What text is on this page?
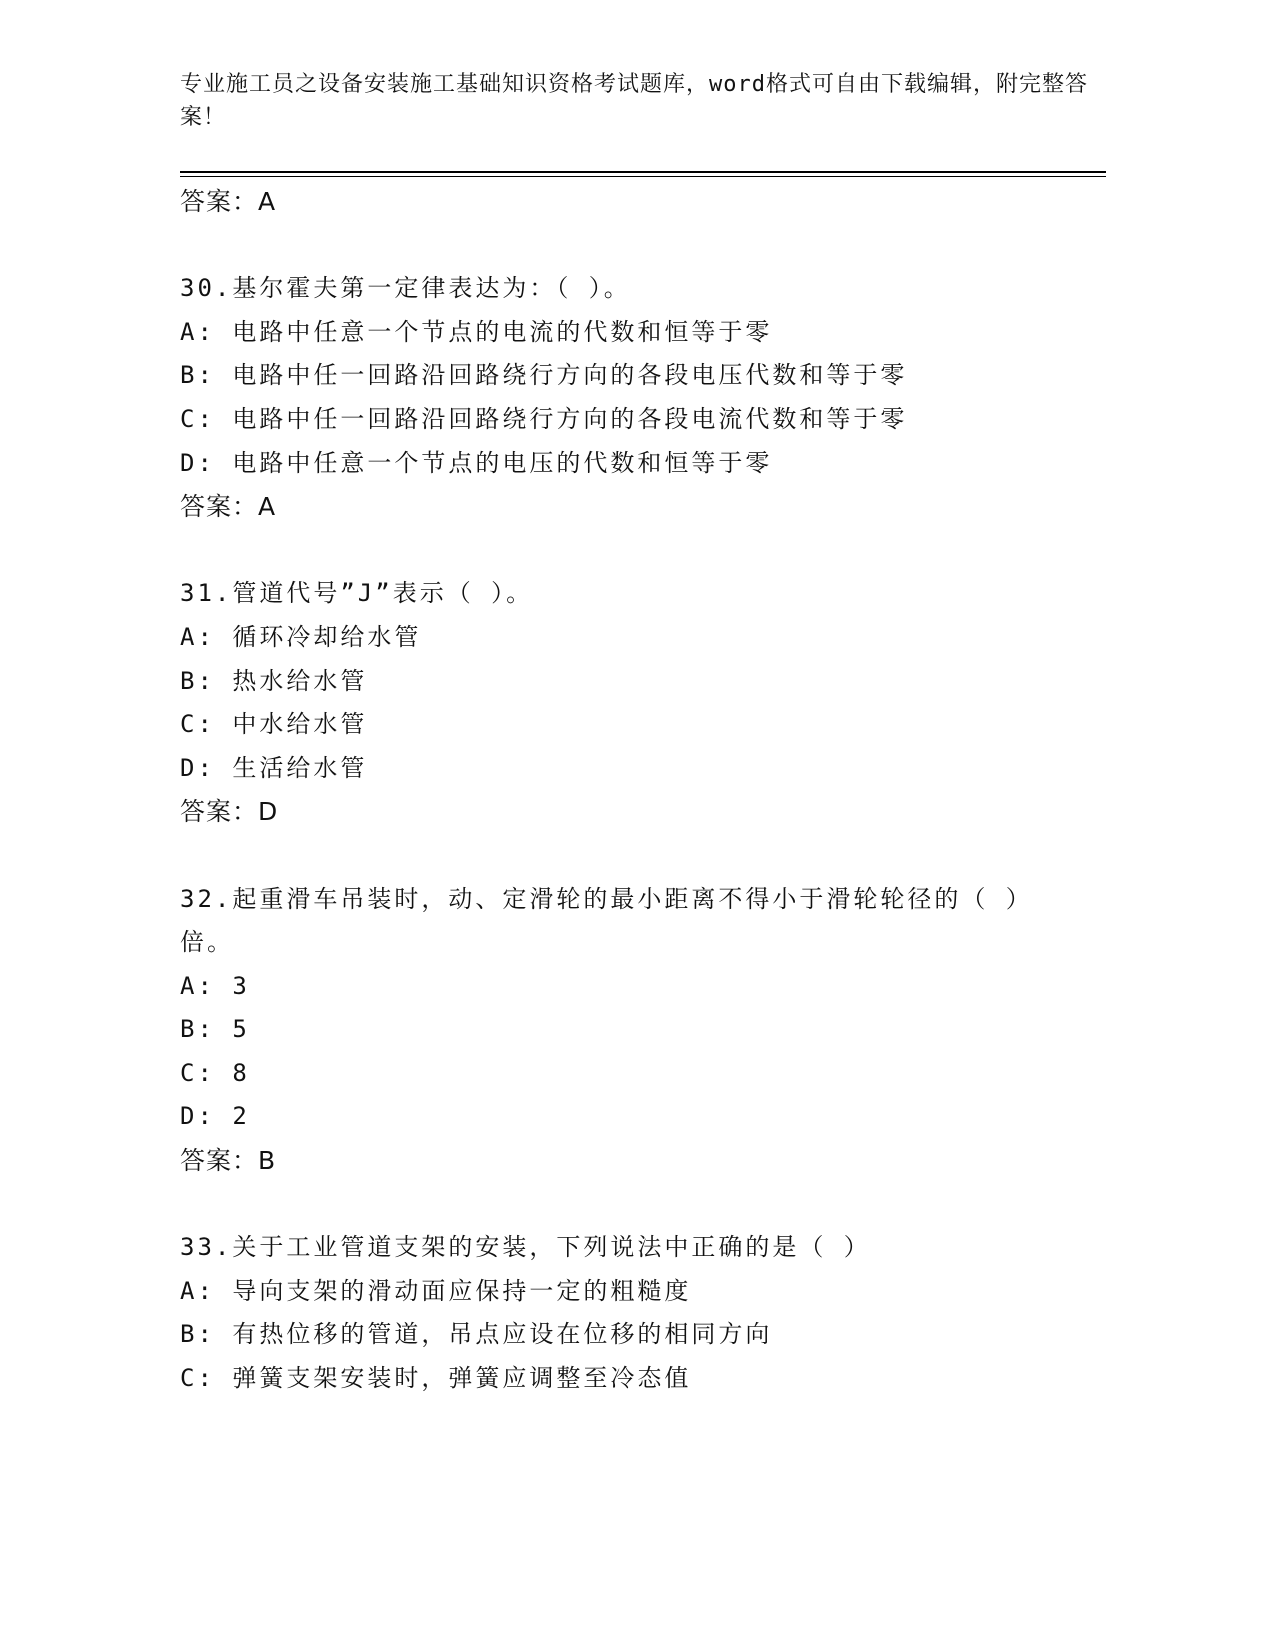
专业施工员之设备安装施工基础知识资格考试题库，word格式可自由下载编辑，附完整答案！
答案：A
30.基尔霍夫第一定律表达为：（ ）。
A: 电路中任意一个节点的电流的代数和恒等于零
B: 电路中任一回路沿回路绕行方向的各段电压代数和等于零
C: 电路中任一回路沿回路绕行方向的各段电流代数和等于零
D: 电路中任意一个节点的电压的代数和恒等于零
答案：A
31.管道代号”J”表示（ ）。
A: 循环冷却给水管
B: 热水给水管
C: 中水给水管
D: 生活给水管
答案：D
32.起重滑车吊装时，动、定滑轮的最小距离不得小于滑轮轮径的（ ）倍。
A: 3
B: 5
C: 8
D: 2
答案：B
33.关于工业管道支架的安装，下列说法中正确的是（ ）
A: 导向支架的滑动面应保持一定的粗糙度
B: 有热位移的管道，吊点应设在位移的相同方向
C: 弹簧支架安装时，弹簧应调整至冷态值
